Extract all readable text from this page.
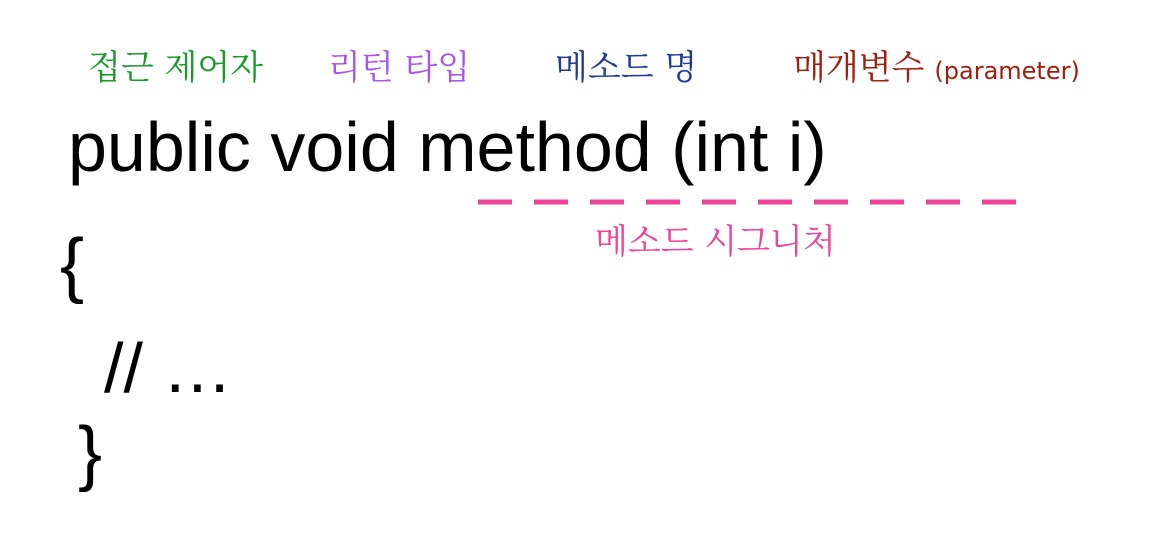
접근 제어자 리턴 타입 메소드 명	매개변수 (parameter)
public void method (int i)
메소드 시그니처
{
// …
}
